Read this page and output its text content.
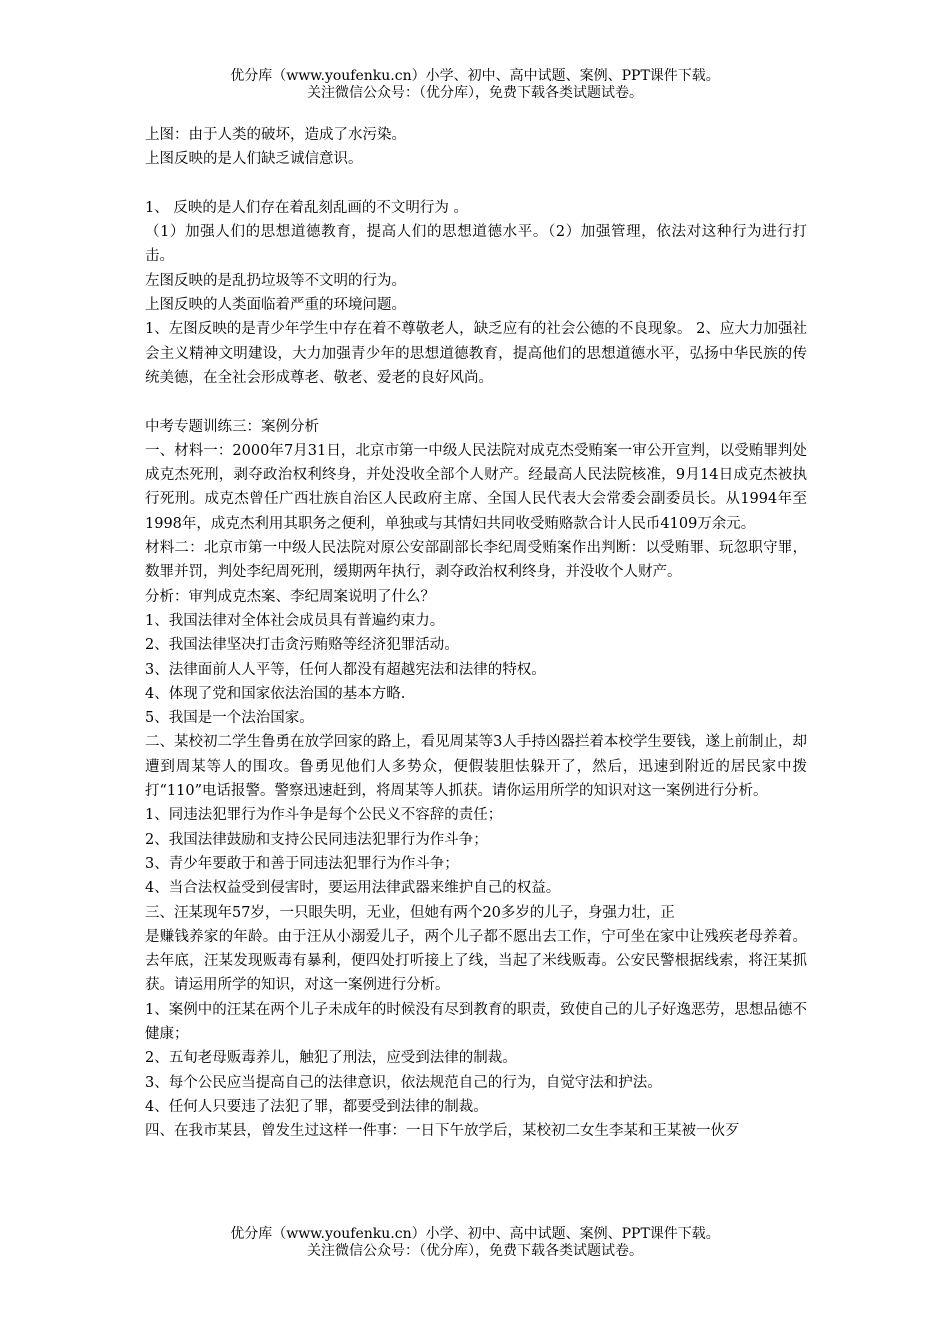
优分库（www.youfenku.cn）小学、初中、高中试题、案例、PPT课件下载。
关注微信公众号：（优分库），免费下载各类试题试卷。

上图：由于人类的破坏，造成了水污染。

上图反映的是人们缺乏诚信意识。

1、 反映的是人们存在着乱刻乱画的不文明行为 。

（1）加强人们的思想道德教育，提高人们的思想道德水平。（2）加强管理，依法对这种行为进行打击。

左图反映的是乱扔垃圾等不文明的行为。

上图反映的人类面临着严重的环境问题。

1、左图反映的是青少年学生中存在着不尊敬老人，缺乏应有的社会公德的不良现象。 2、应大力加强社会主义精神文明建设，大力加强青少年的思想道德教育，提高他们的思想道德水平，弘扬中华民族的传统美德，在全社会形成尊老、敬老、爱老的良好风尚。

中考专题训练三：案例分析

一、材料一：2000年7月31日，北京市第一中级人民法院对成克杰受贿案一审公开宣判，以受贿罪判处成克杰死刑，剥夺政治权利终身，并处没收全部个人财产。经最高人民法院核准，9月14日成克杰被执行死刑。成克杰曾任广西壮族自治区人民政府主席、全国人民代表大会常委会副委员长。从1994年至1998年，成克杰利用其职务之便利，单独或与其情妇共同收受贿赂款合计人民币4109万余元。

材料二：北京市第一中级人民法院对原公安部副部长李纪周受贿案作出判断：以受贿罪、玩忽职守罪，数罪并罚，判处李纪周死刑，缓期两年执行，剥夺政治权利终身，并没收个人财产。

分析：审判成克杰案、李纪周案说明了什么？

1、我国法律对全体社会成员具有普遍约束力。

2、我国法律坚决打击贪污贿赂等经济犯罪活动。

3、法律面前人人平等，任何人都没有超越宪法和法律的特权。

4、体现了党和国家依法治国的基本方略.

5、我国是一个法治国家。

二、某校初二学生鲁勇在放学回家的路上，看见周某等3人手持凶器拦着本校学生要钱，遂上前制止，却遭到周某等人的围攻。鲁勇见他们人多势众，便假装胆怯躲开了，然后，迅速到附近的居民家中拨打“110”电话报警。警察迅速赶到，将周某等人抓获。请你运用所学的知识对这一案例进行分析。

1、同违法犯罪行为作斗争是每个公民义不容辞的责任；

2、我国法律鼓励和支持公民同违法犯罪行为作斗争；

3、青少年要敢于和善于同违法犯罪行为作斗争；

4、当合法权益受到侵害时，要运用法律武器来维护自己的权益。

三、汪某现年57岁，一只眼失明，无业，但她有两个20多岁的儿子，身强力壮，正

是赚钱养家的年龄。由于汪从小溺爱儿子，两个儿子都不愿出去工作，宁可坐在家中让残疾老母养着。去年底，汪某发现贩毒有暴利，便四处打听接上了线，当起了米线贩毒。公安民警根据线索，将汪某抓获。请运用所学的知识，对这一案例进行分析。

1、案例中的汪某在两个儿子未成年的时候没有尽到教育的职责，致使自己的儿子好逸恶劳，思想品德不健康；

2、五旬老母贩毒养儿，触犯了刑法，应受到法律的制裁。

3、每个公民应当提高自己的法律意识，依法规范自己的行为，自觉守法和护法。

4、任何人只要违了法犯了罪，都要受到法律的制裁。

四、在我市某县，曾发生过这样一件事：一日下午放学后，某校初二女生李某和王某被一伙歹

优分库（www.youfenku.cn）小学、初中、高中试题、案例、PPT课件下载。
关注微信公众号：（优分库），免费下载各类试题试卷。
